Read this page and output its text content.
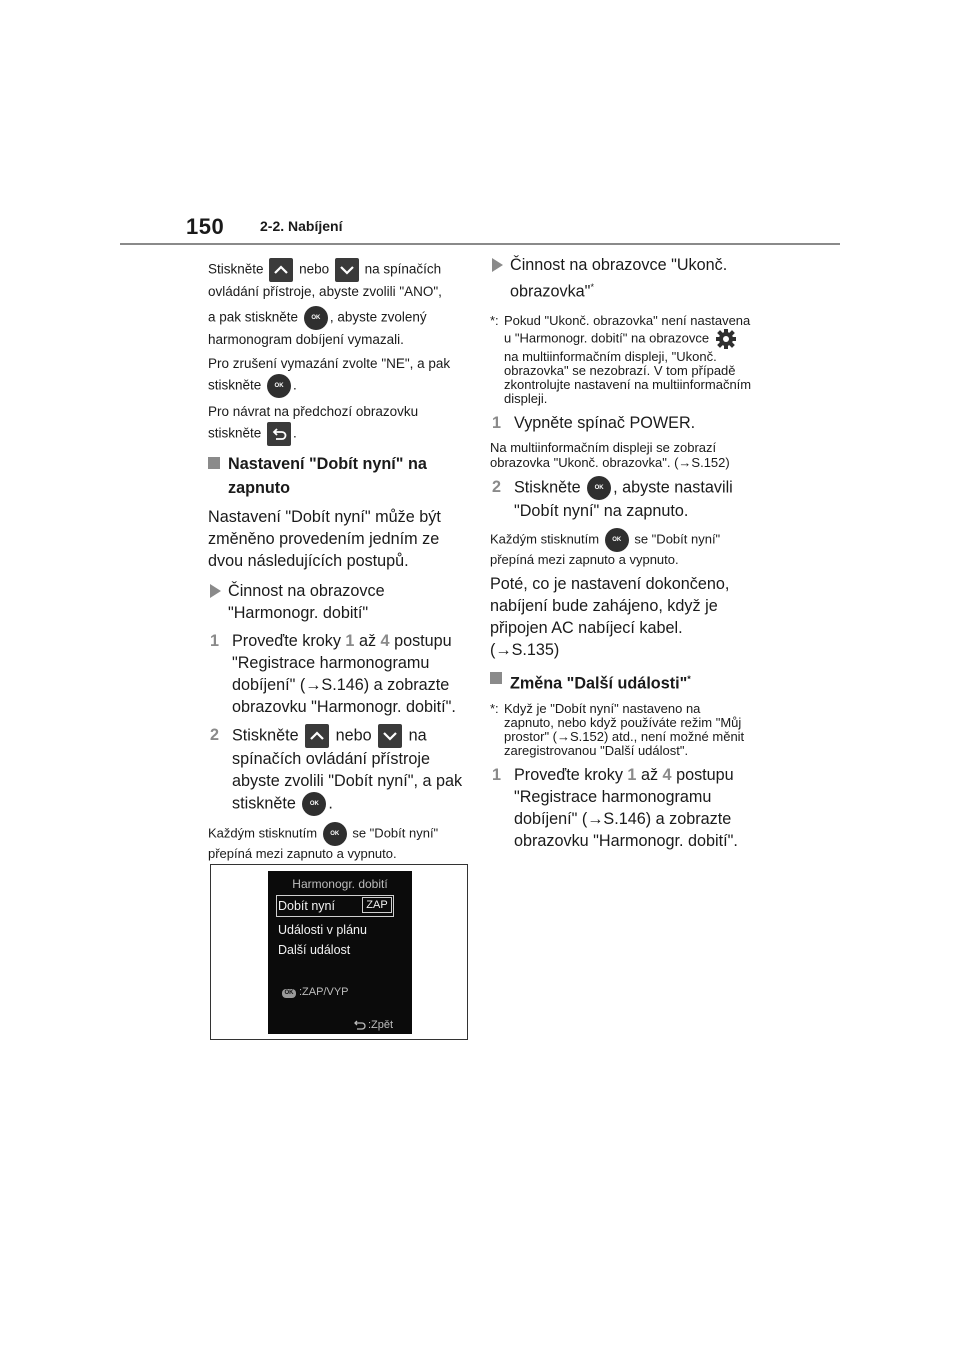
150	2-2. Nabíjení

Stiskněte	nebo	na spínačích ovládání přístroje, abyste zvolili "ANO",

a pak stiskněte OK , abyste zvolený harmonogram dobíjení vymazali.

Pro zrušení vymazání zvolte "NE", a pak stiskněte OK .

Pro návrat na předchozí obrazovku stiskněte .

Nastavení "Dobít nyní" na zapnuto

Nastavení "Dobít nyní" může být změněno provedením jedním ze dvou následujících postupů.

Činnost na obrazovce "Harmonogr. dobití"
1 Proveďte kroky 1 až 4 postupu "Registrace harmonogramu dobíjení" (→S.146) a zobrazte obrazovku "Harmonogr. dobití".
2 Stiskněte nebo na spínačích ovládání přístroje abyste zvolili "Dobít nyní", a pak stiskněte OK .

Každým stisknutím OK se "Dobít nyní" přepíná mezi zapnuto a vypnuto.

Harmonogr. dobití
Dobít nyní	ZAP
Události v plánu
Další událost
OK :ZAP/VYP
:Zpět
Činnost na obrazovce "Ukonč. obrazovka"*
*: Pokud "Ukonč. obrazovka" není nastavena u "Harmonogr. dobití" na obrazovce  na multiinformačním displeji, "Ukonč. obrazovka" se nezobrazí. V tom případě zkontrolujte nastavení na multiinformačním displeji.
1 Vypněte spínač POWER.

Na multiinformačním displeji se zobrazí obrazovka "Ukonč. obrazovka". (→S.152)

2 Stiskněte OK , abyste nastavili "Dobít nyní" na zapnuto.

Každým stisknutím OK se "Dobít nyní" přepíná mezi zapnuto a vypnuto.

Poté, co je nastavení dokončeno, nabíjení bude zahájeno, když je připojen AC nabíjecí kabel. (→S.135)

Změna "Další události"*
*: Když je "Dobít nyní" nastaveno na zapnuto, nebo když používáte režim "Můj prostor" (→S.152) atd., není možné měnit zaregistrovanou "Další událost".
1 Proveďte kroky 1 až 4 postupu "Registrace harmonogramu dobíjení" (→S.146) a zobrazte obrazovku "Harmonogr. dobití".
